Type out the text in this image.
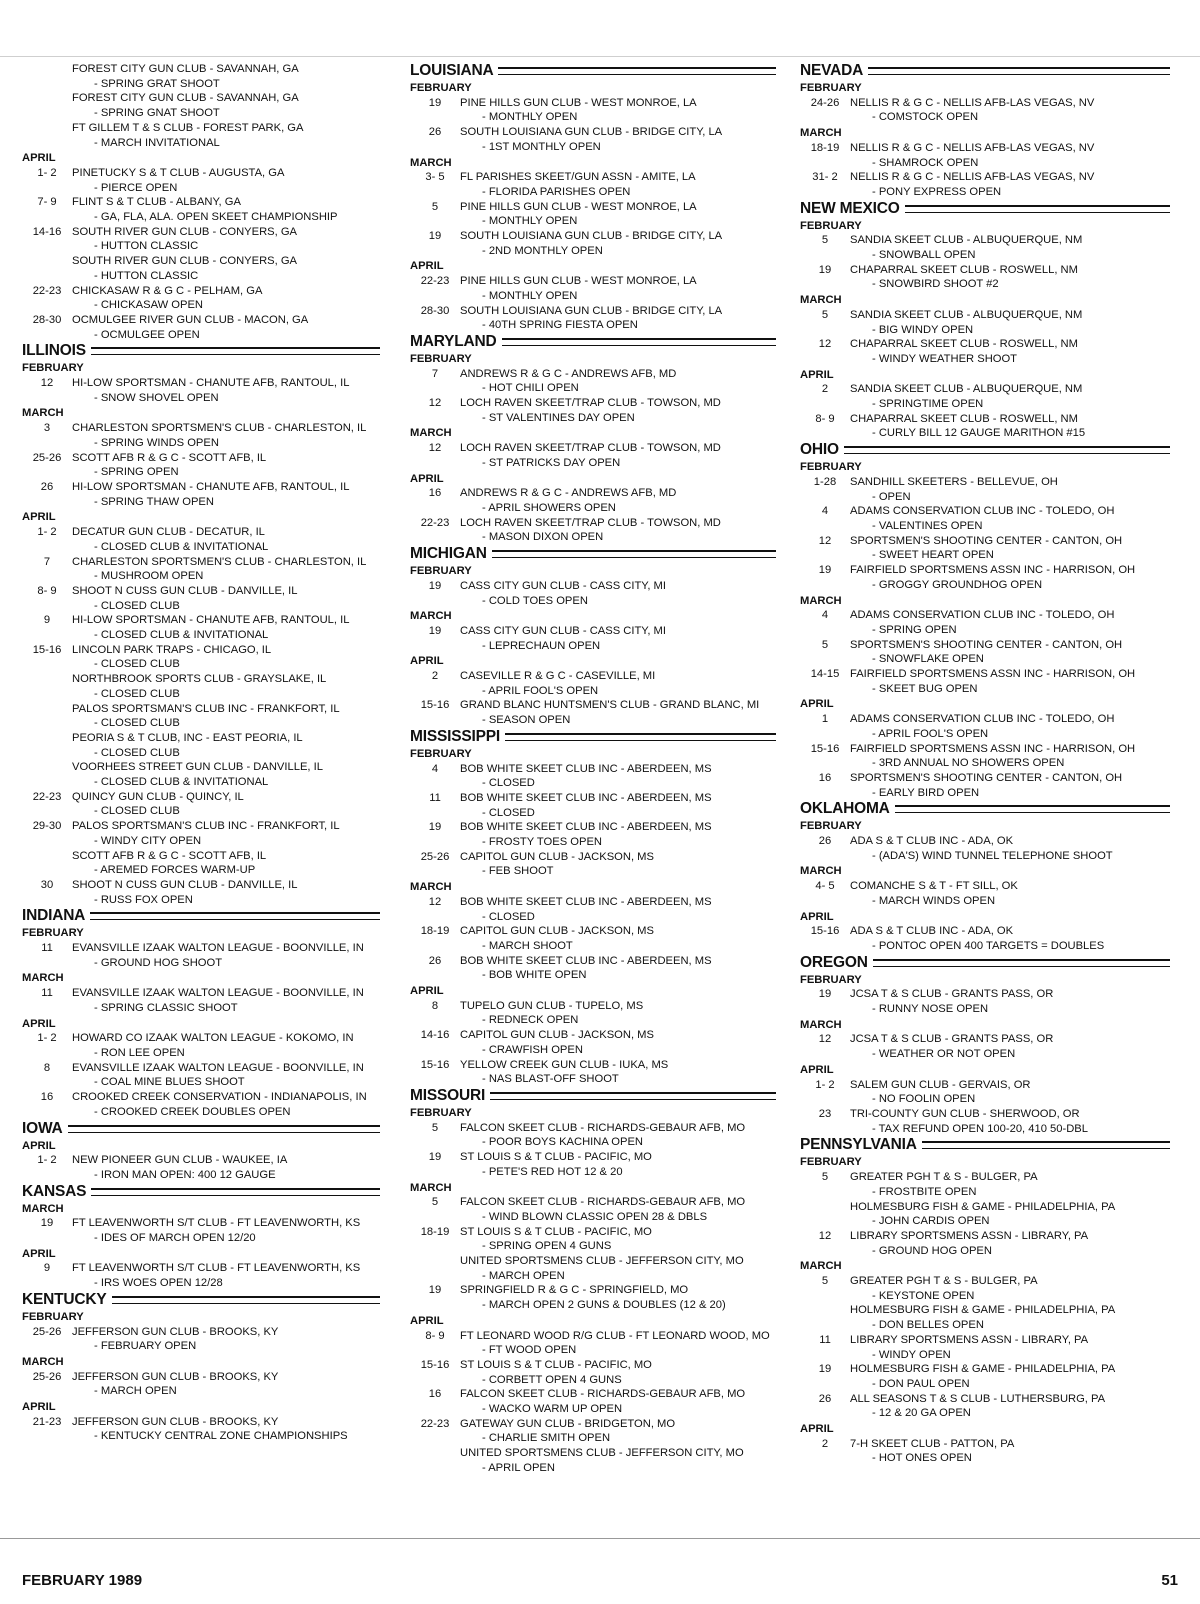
FOREST CITY GUN CLUB - SAVANNAH, GA
- SPRING GRAT SHOOT
FOREST CITY GUN CLUB - SAVANNAH, GA
- SPRING GNAT SHOOT
FT GILLEM T & S CLUB - FOREST PARK, GA
- MARCH INVITATIONAL
APRIL
1- 2	PINETUCKY S & T CLUB - AUGUSTA, GA
- PIERCE OPEN
7- 9	FLINT S & T CLUB - ALBANY, GA
- GA, FLA, ALA. OPEN SKEET CHAMPIONSHIP
14-16 SOUTH RIVER GUN CLUB - CONYERS, GA
- HUTTON CLASSIC
SOUTH RIVER GUN CLUB - CONYERS, GA
- HUTTON CLASSIC
22-23 CHICKASAW R & G C - PELHAM, GA
- CHICKASAW OPEN
28-30 OCMULGEE RIVER GUN CLUB - MACON, GA
- OCMULGEE OPEN
ILLINOIS
FEBRUARY
12	HI-LOW SPORTSMAN - CHANUTE AFB, RANTOUL, IL
- SNOW SHOVEL OPEN
MARCH
3	CHARLESTON SPORTSMEN'S CLUB - CHARLESTON, IL
- SPRING WINDS OPEN
25-26 SCOTT AFB R & G C - SCOTT AFB, IL
- SPRING OPEN
26	HI-LOW SPORTSMAN - CHANUTE AFB, RANTOUL, IL
- SPRING THAW OPEN
APRIL
1- 2	DECATUR GUN CLUB - DECATUR, IL
- CLOSED CLUB & INVITATIONAL
7	CHARLESTON SPORTSMEN'S CLUB - CHARLESTON, IL
- MUSHROOM OPEN
8- 9	SHOOT N CUSS GUN CLUB - DANVILLE, IL
- CLOSED CLUB
9	HI-LOW SPORTSMAN - CHANUTE AFB, RANTOUL, IL
- CLOSED CLUB & INVITATIONAL
15-16 LINCOLN PARK TRAPS - CHICAGO, IL
- CLOSED CLUB
NORTHBROOK SPORTS CLUB - GRAYSLAKE, IL
- CLOSED CLUB
PALOS SPORTSMAN'S CLUB INC - FRANKFORT, IL
- CLOSED CLUB
PEORIA S & T CLUB, INC - EAST PEORIA, IL
- CLOSED CLUB
VOORHEES STREET GUN CLUB - DANVILLE, IL
- CLOSED CLUB & INVITATIONAL
22-23 QUINCY GUN CLUB - QUINCY, IL
- CLOSED CLUB
29-30 PALOS SPORTSMAN'S CLUB INC - FRANKFORT, IL
- WINDY CITY OPEN
SCOTT AFB R & G C - SCOTT AFB, IL
- AREMED FORCES WARM-UP
30	SHOOT N CUSS GUN CLUB - DANVILLE, IL
- RUSS FOX OPEN
INDIANA
FEBRUARY
11	EVANSVILLE IZAAK WALTON LEAGUE - BOONVILLE, IN
- GROUND HOG SHOOT
MARCH
11	EVANSVILLE IZAAK WALTON LEAGUE - BOONVILLE, IN
- SPRING CLASSIC SHOOT
APRIL
1- 2	HOWARD CO IZAAK WALTON LEAGUE - KOKOMO, IN
- RON LEE OPEN
8	EVANSVILLE IZAAK WALTON LEAGUE - BOONVILLE, IN
- COAL MINE BLUES SHOOT
16	CROOKED CREEK CONSERVATION - INDIANAPOLIS, IN
- CROOKED CREEK DOUBLES OPEN
IOWA
APRIL
1- 2	NEW PIONEER GUN CLUB - WAUKEE, IA
- IRON MAN OPEN: 400 12 GAUGE
KANSAS
MARCH
19	FT LEAVENWORTH S/T CLUB - FT LEAVENWORTH, KS
- IDES OF MARCH OPEN 12/20
APRIL
9	FT LEAVENWORTH S/T CLUB - FT LEAVENWORTH, KS
- IRS WOES OPEN 12/28
KENTUCKY
FEBRUARY
25-26 JEFFERSON GUN CLUB - BROOKS, KY
- FEBRUARY OPEN
MARCH
25-26 JEFFERSON GUN CLUB - BROOKS, KY
- MARCH OPEN
APRIL
21-23 JEFFERSON GUN CLUB - BROOKS, KY
- KENTUCKY CENTRAL ZONE CHAMPIONSHIPS
LOUISIANA
FEBRUARY
19	PINE HILLS GUN CLUB - WEST MONROE, LA
- MONTHLY OPEN
26	SOUTH LOUISIANA GUN CLUB - BRIDGE CITY, LA
- 1ST MONTHLY OPEN
MARCH
3- 5	FL PARISHES SKEET/GUN ASSN - AMITE, LA
- FLORIDA PARISHES OPEN
5	PINE HILLS GUN CLUB - WEST MONROE, LA
- MONTHLY OPEN
19	SOUTH LOUISIANA GUN CLUB - BRIDGE CITY, LA
- 2ND MONTHLY OPEN
APRIL
22-23 PINE HILLS GUN CLUB - WEST MONROE, LA
- MONTHLY OPEN
28-30 SOUTH LOUISIANA GUN CLUB - BRIDGE CITY, LA
- 40TH SPRING FIESTA OPEN
MARYLAND
FEBRUARY
7	ANDREWS R & G C - ANDREWS AFB, MD
- HOT CHILI OPEN
12	LOCH RAVEN SKEET/TRAP CLUB - TOWSON, MD
- ST VALENTINES DAY OPEN
MARCH
12	LOCH RAVEN SKEET/TRAP CLUB - TOWSON, MD
- ST PATRICKS DAY OPEN
APRIL
16	ANDREWS R & G C - ANDREWS AFB, MD
- APRIL SHOWERS OPEN
22-23 LOCH RAVEN SKEET/TRAP CLUB - TOWSON, MD
- MASON DIXON OPEN
MICHIGAN
FEBRUARY
19	CASS CITY GUN CLUB - CASS CITY, MI
- COLD TOES OPEN
MARCH
19	CASS CITY GUN CLUB - CASS CITY, MI
- LEPRECHAUN OPEN
APRIL
2	CASEVILLE R & G C - CASEVILLE, MI
- APRIL FOOL'S OPEN
15-16 GRAND BLANC HUNTSMEN'S CLUB - GRAND BLANC, MI
- SEASON OPEN
MISSISSIPPI
FEBRUARY
4	BOB WHITE SKEET CLUB INC - ABERDEEN, MS
- CLOSED
11	BOB WHITE SKEET CLUB INC - ABERDEEN, MS
- CLOSED
19	BOB WHITE SKEET CLUB INC - ABERDEEN, MS
- FROSTY TOES OPEN
25-26 CAPITOL GUN CLUB - JACKSON, MS
- FEB SHOOT
MARCH
12	BOB WHITE SKEET CLUB INC - ABERDEEN, MS
- CLOSED
18-19 CAPITOL GUN CLUB - JACKSON, MS
- MARCH SHOOT
26	BOB WHITE SKEET CLUB INC - ABERDEEN, MS
- BOB WHITE OPEN
APRIL
8	TUPELO GUN CLUB - TUPELO, MS
- REDNECK OPEN
14-16 CAPITOL GUN CLUB - JACKSON, MS
- CRAWFISH OPEN
15-16 YELLOW CREEK GUN CLUB - IUKA, MS
- NAS BLAST-OFF SHOOT
MISSOURI
FEBRUARY
5	FALCON SKEET CLUB - RICHARDS-GEBAUR AFB, MO
- POOR BOYS KACHINA OPEN
19	ST LOUIS S & T CLUB - PACIFIC, MO
- PETE'S RED HOT 12 & 20
MARCH
5	FALCON SKEET CLUB - RICHARDS-GEBAUR AFB, MO
- WIND BLOWN CLASSIC OPEN 28 & DBLS
18-19 ST LOUIS S & T CLUB - PACIFIC, MO
- SPRING OPEN 4 GUNS
UNITED SPORTSMENS CLUB - JEFFERSON CITY, MO
- MARCH OPEN
19	SPRINGFIELD R & G C - SPRINGFIELD, MO
- MARCH OPEN 2 GUNS & DOUBLES (12 & 20)
APRIL
8- 9	FT LEONARD WOOD R/G CLUB - FT LEONARD WOOD, MO
- FT WOOD OPEN
15-16 ST LOUIS S & T CLUB - PACIFIC, MO
- CORBETT OPEN 4 GUNS
16	FALCON SKEET CLUB - RICHARDS-GEBAUR AFB, MO
- WACKO WARM UP OPEN
22-23 GATEWAY GUN CLUB - BRIDGETON, MO
- CHARLIE SMITH OPEN
UNITED SPORTSMENS CLUB - JEFFERSON CITY, MO
- APRIL OPEN
NEVADA
FEBRUARY
24-26 NELLIS R & G C - NELLIS AFB-LAS VEGAS, NV
- COMSTOCK OPEN
MARCH
18-19 NELLIS R & G C - NELLIS AFB-LAS VEGAS, NV
- SHAMROCK OPEN
31- 2	NELLIS R & G C - NELLIS AFB-LAS VEGAS, NV
- PONY EXPRESS OPEN
NEW MEXICO
FEBRUARY
5	SANDIA SKEET CLUB - ALBUQUERQUE, NM
- SNOWBALL OPEN
19	CHAPARRAL SKEET CLUB - ROSWELL, NM
- SNOWBIRD SHOOT #2
MARCH
5	SANDIA SKEET CLUB - ALBUQUERQUE, NM
- BIG WINDY OPEN
12	CHAPARRAL SKEET CLUB - ROSWELL, NM
- WINDY WEATHER SHOOT
APRIL
2	SANDIA SKEET CLUB - ALBUQUERQUE, NM
- SPRINGTIME OPEN
8- 9	CHAPARRAL SKEET CLUB - ROSWELL, NM
- CURLY BILL 12 GAUGE MARITHON #15
OHIO
FEBRUARY
1-28	SANDHILL SKEETERS - BELLEVUE, OH
- OPEN
4	ADAMS CONSERVATION CLUB INC - TOLEDO, OH
- VALENTINES OPEN
12	SPORTSMEN'S SHOOTING CENTER - CANTON, OH
- SWEET HEART OPEN
19	FAIRFIELD SPORTSMENS ASSN INC - HARRISON, OH
- GROGGY GROUNDHOG OPEN
MARCH
4	ADAMS CONSERVATION CLUB INC - TOLEDO, OH
- SPRING OPEN
5	SPORTSMEN'S SHOOTING CENTER - CANTON, OH
- SNOWFLAKE OPEN
14-15 FAIRFIELD SPORTSMENS ASSN INC - HARRISON, OH
- SKEET BUG OPEN
APRIL
1	ADAMS CONSERVATION CLUB INC - TOLEDO, OH
- APRIL FOOL'S OPEN
15-16 FAIRFIELD SPORTSMENS ASSN INC - HARRISON, OH
- 3RD ANNUAL NO SHOWERS OPEN
16	SPORTSMEN'S SHOOTING CENTER - CANTON, OH
- EARLY BIRD OPEN
OKLAHOMA
FEBRUARY
26	ADA S & T CLUB INC - ADA, OK
- (ADA'S) WIND TUNNEL TELEPHONE SHOOT
MARCH
4- 5	COMANCHE S & T - FT SILL, OK
- MARCH WINDS OPEN
APRIL
15-16 ADA S & T CLUB INC - ADA, OK
- PONTOC OPEN 400 TARGETS = DOUBLES
OREGON
FEBRUARY
19	JCSA T & S CLUB - GRANTS PASS, OR
- RUNNY NOSE OPEN
MARCH
12	JCSA T & S CLUB - GRANTS PASS, OR
- WEATHER OR NOT OPEN
APRIL
1- 2	SALEM GUN CLUB - GERVAIS, OR
- NO FOOLIN OPEN
23	TRI-COUNTY GUN CLUB - SHERWOOD, OR
- TAX REFUND OPEN 100-20, 410 50-DBL
PENNSYLVANIA
FEBRUARY
5	GREATER PGH T & S - BULGER, PA
- FROSTBITE OPEN
HOLMESBURG FISH & GAME - PHILADELPHIA, PA
- JOHN CARDIS OPEN
12	LIBRARY SPORTSMENS ASSN - LIBRARY, PA
- GROUND HOG OPEN
MARCH
5	GREATER PGH T & S - BULGER, PA
- KEYSTONE OPEN
HOLMESBURG FISH & GAME - PHILADELPHIA, PA
- DON BELLES OPEN
11	LIBRARY SPORTSMENS ASSN - LIBRARY, PA
- WINDY OPEN
19	HOLMESBURG FISH & GAME - PHILADELPHIA, PA
- DON PAUL OPEN
26	ALL SEASONS T & S CLUB - LUTHERSBURG, PA
- 12 & 20 GA OPEN
APRIL
2	7-H SKEET CLUB - PATTON, PA
- HOT ONES OPEN
FEBRUARY 1989	51
